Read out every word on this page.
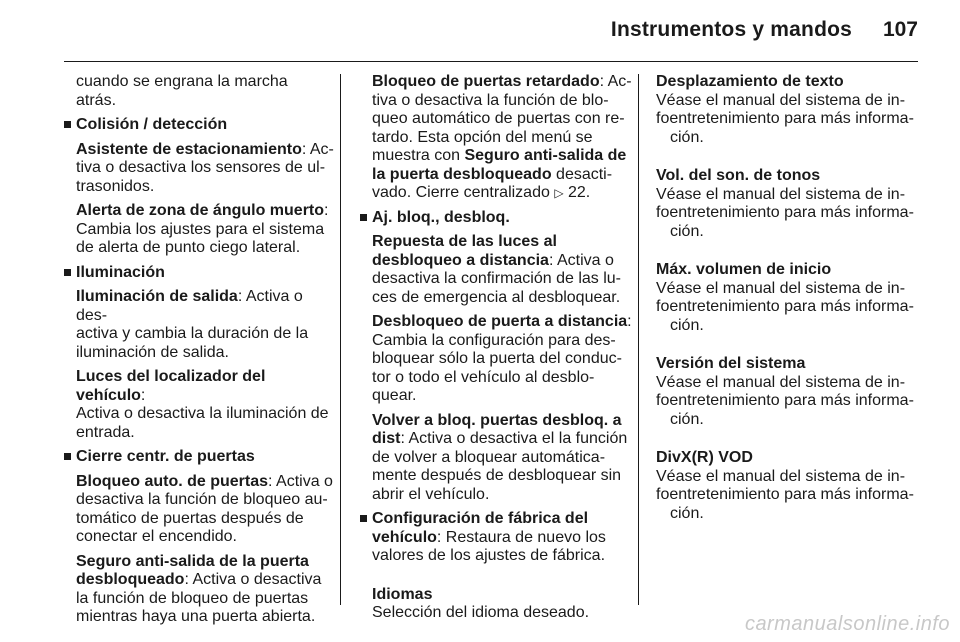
Instrumentos y mandos 107

cuando se engrana la marcha

atrás.

Colisión / detección

Asistente de estacionamiento: Ac-

tiva o desactiva los sensores de ul-

trasonidos.

Alerta de zona de ángulo muerto:

Cambia los ajustes para el sistema

de alerta de punto ciego lateral.

Iluminación

Iluminación de salida: Activa o des-

activa y cambia la duración de la

iluminación de salida.

Luces del localizador del vehículo:

Activa o desactiva la iluminación de

entrada.

Cierre centr. de puertas

Bloqueo auto. de puertas: Activa o

desactiva la función de bloqueo au-

tomático de puertas después de

conectar el encendido.

Seguro anti-salida de la puerta

desbloqueado: Activa o desactiva

la función de bloqueo de puertas

mientras haya una puerta abierta.

Bloqueo de puertas retardado: Ac-

tiva o desactiva la función de blo-

queo automático de puertas con re-

tardo. Esta opción del menú se

muestra con Seguro anti-salida de

la puerta desbloqueado desacti-

vado. Cierre centralizado ▷ 22.

Aj. bloq., desbloq.

Repuesta de las luces al

desbloqueo a distancia: Activa o

desactiva la confirmación de las lu-

ces de emergencia al desbloquear.

Desbloqueo de puerta a distancia:

Cambia la configuración para des-

bloquear sólo la puerta del conduc-

tor o todo el vehículo al desblo-

quear.

Volver a bloq. puertas desbloq. a

dist: Activa o desactiva el la función

de volver a bloquear automática-

mente después de desbloquear sin

abrir el vehículo.

Configuración de fábrica del

vehículo: Restaura de nuevo los

valores de los ajustes de fábrica.

Idiomas

Selección del idioma deseado.

Desplazamiento de texto

Véase el manual del sistema de in-

foentretenimiento para más informa-

ción.

Vol. del son. de tonos

Véase el manual del sistema de in-

foentretenimiento para más informa-

ción.

Máx. volumen de inicio

Véase el manual del sistema de in-

foentretenimiento para más informa-

ción.

Versión del sistema

Véase el manual del sistema de in-

foentretenimiento para más informa-

ción.

DivX(R) VOD

Véase el manual del sistema de in-

foentretenimiento para más informa-

ción.

carmanualsonline.info
